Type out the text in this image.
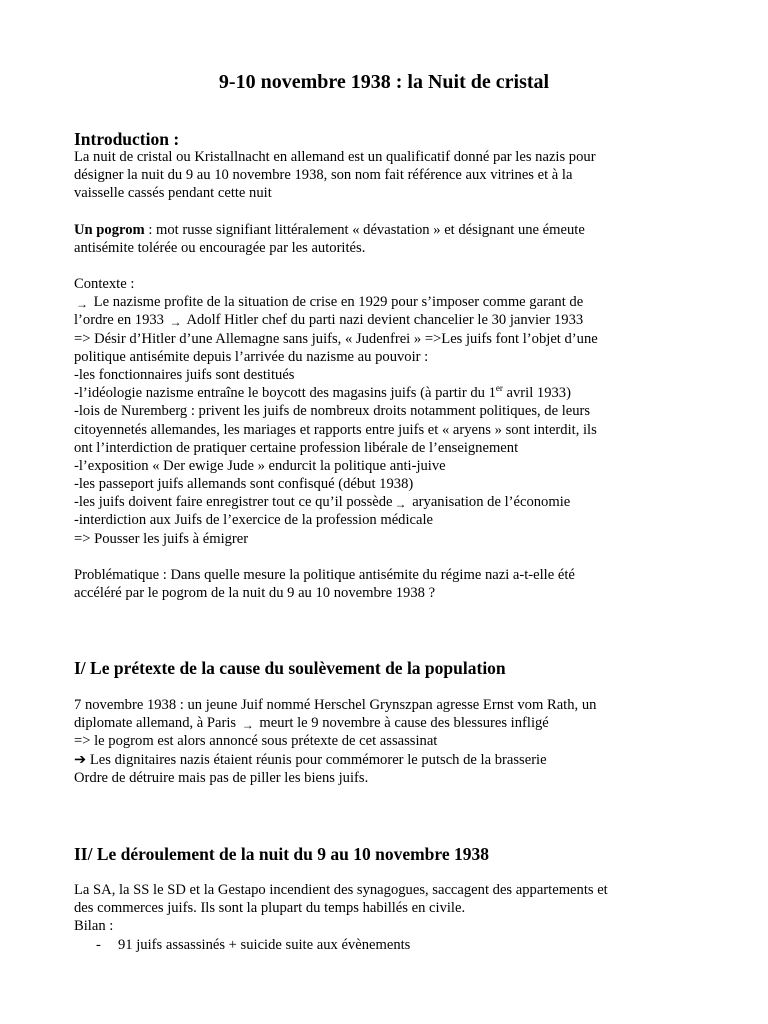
9-10 novembre 1938 : la Nuit de cristal
Introduction :
La nuit de cristal ou Kristallnacht en allemand est un qualificatif donné par les nazis pour
désigner la nuit du 9 au 10 novembre 1938, son nom fait référence aux vitrines et à la
vaisselle cassés pendant cette nuit
Un pogrom : mot russe signifiant littéralement « dévastation » et désignant une émeute
antisémite tolérée ou encouragée par les autorités.
Contexte :
→ Le nazisme profite de la situation de crise en 1929 pour s’imposer comme garant de
l’ordre en 1933 → Adolf Hitler chef du parti nazi devient chancelier le 30 janvier 1933
=> Désir d’Hitler d’une Allemagne sans juifs, « Judenfrei » =>Les juifs font l’objet d’une
politique antisémite depuis l’arrivée du nazisme au pouvoir :
-les fonctionnaires juifs sont destitués
-l’idéologie nazisme entraîne le boycott des magasins juifs (à partir du 1er avril 1933)
-lois de Nuremberg : privent les juifs de nombreux droits notamment politiques, de leurs
citoyennetés allemandes, les mariages et rapports entre juifs et « aryens » sont interdit, ils
ont l’interdiction de pratiquer certaine profession libérale de l’enseignement
-l’exposition « Der ewige Jude » endurcit la politique anti-juive
-les passeport juifs allemands sont confisqué (début 1938)
-les juifs doivent faire enregistrer tout ce qu’il possède → aryanisation de l’économie
-interdiction aux Juifs de l’exercice de la profession médicale
=> Pousser les juifs à émigrer
Problématique : Dans quelle mesure la politique antisémite du régime nazi a-t-elle été
accéléré par le pogrom de la nuit du 9 au 10 novembre 1938 ?
I/ Le prétexte de la cause du soulèvement de la population
7 novembre 1938 : un jeune Juif nommé Herschel Grynszpan agresse Ernst vom Rath, un
diplomate allemand, à Paris → meurt le 9 novembre à cause des blessures infligé
=> le pogrom est alors annoncé sous prétexte de cet assassinat
➔ Les dignitaires nazis étaient réunis pour commémorer le putsch de la brasserie
Ordre de détruire mais pas de piller les biens juifs.
II/ Le déroulement de la nuit du 9 au 10 novembre 1938
La SA, la SS le SD et la Gestapo incendient des synagogues, saccagent des appartements et
des commerces juifs. Ils sont la plupart du temps habillés en civile.
Bilan :
- 91 juifs assassinés + suicide suite aux évènements
